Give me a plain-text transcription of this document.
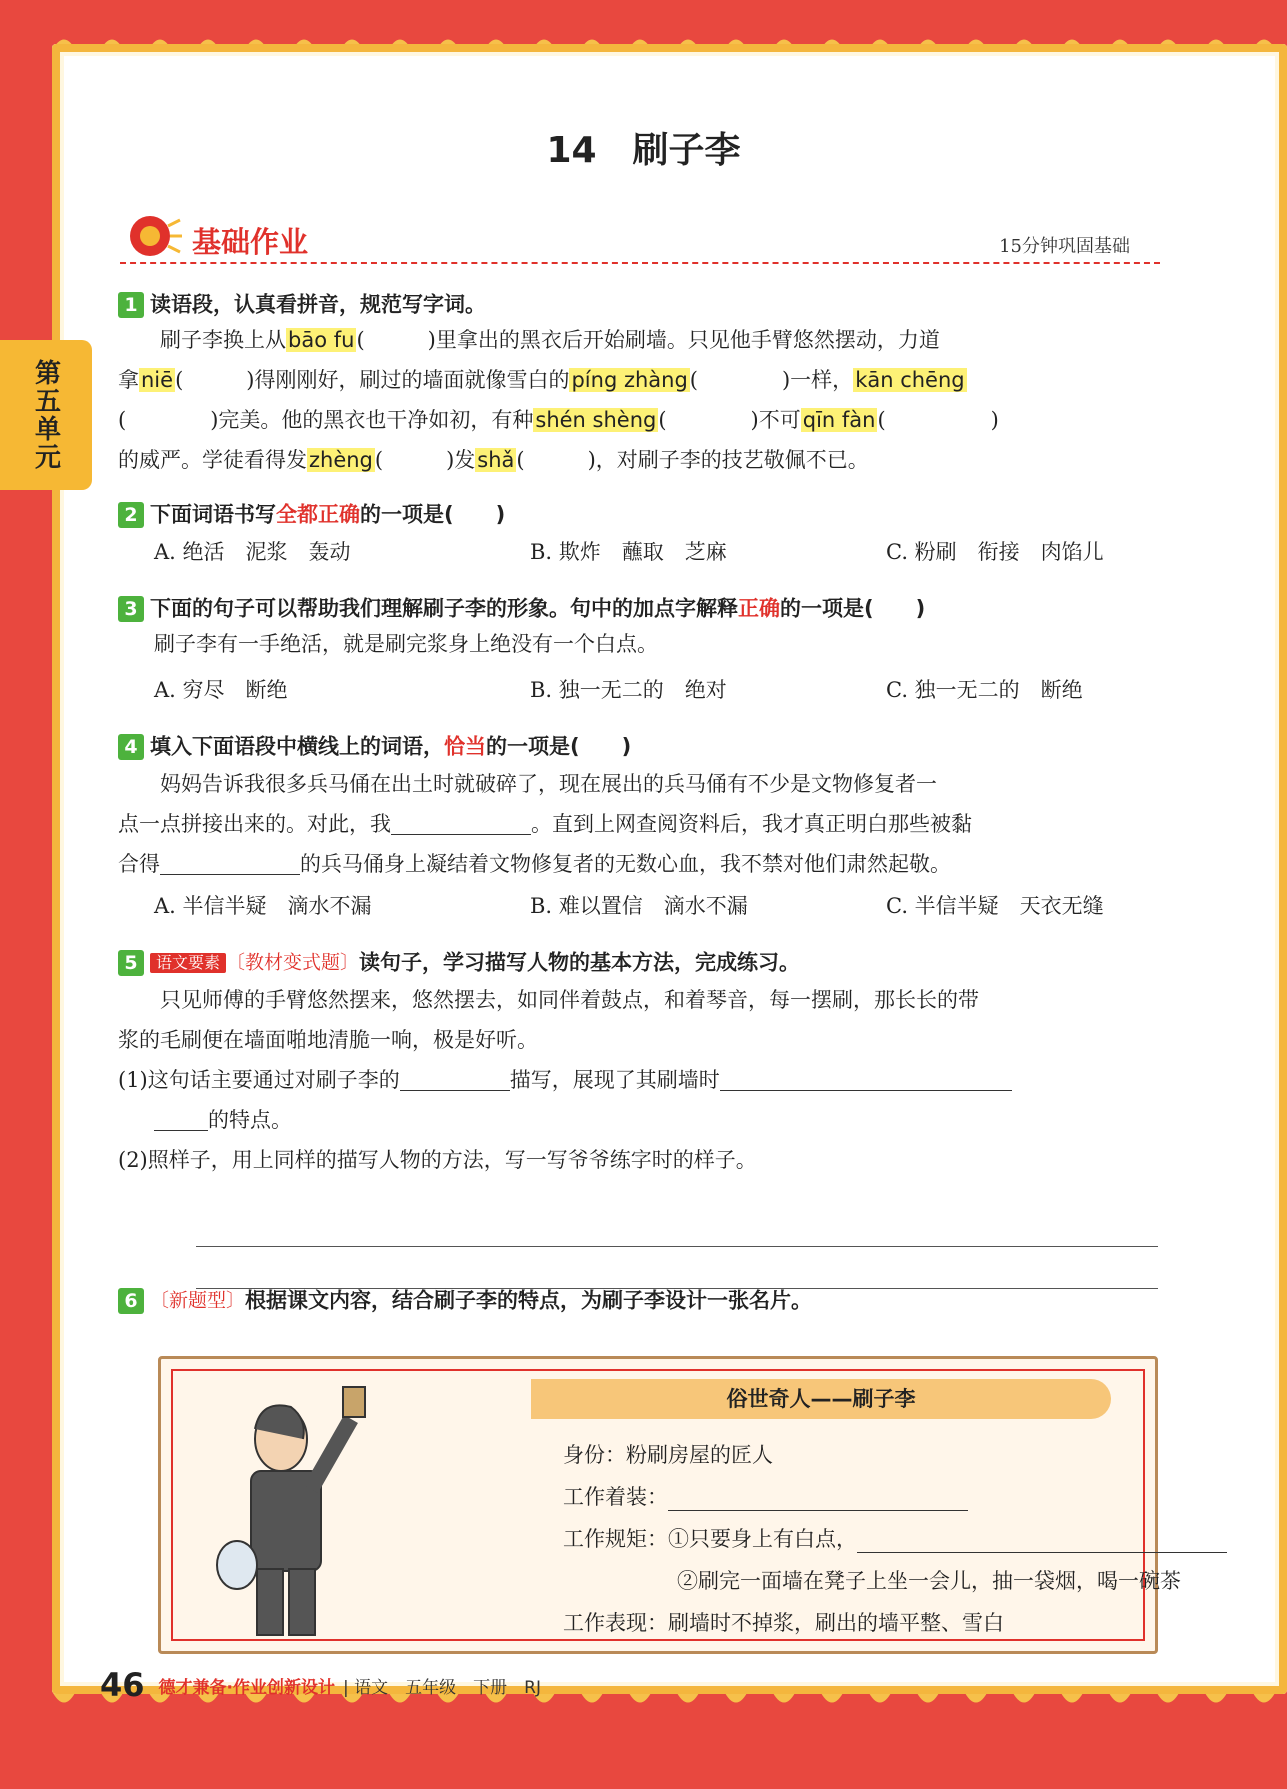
第五单元
14　刷子李
基础作业	15分钟巩固基础
1 读语段，认真看拼音，规范写字词。
刷子李换上从bāo fu(　　　)里拿出的黑衣后开始刷墙。只见他手臂悠然摆动，力道
拿niē(　　　)得刚刚好，刷过的墙面就像雪白的píng zhàng(　　　　)一样，kān chēng
(　　　　)完美。他的黑衣也干净如初，有种shén shèng(　　　　)不可qīn fàn(　　　　　)
的威严。学徒看得发zhèng(　　　)发shǎ(　　　)，对刷子李的技艺敬佩不已。
2 下面词语书写全都正确的一项是(　　)
A. 绝活　泥浆　轰动	B. 欺炸　蘸取　芝麻	C. 粉刷　衔接　肉馅儿
3 下面的句子可以帮助我们理解刷子李的形象。句中的加点字解释正确的一项是(　　)
刷子李有一手绝活，就是刷完浆身上绝没有一个白点。
A. 穷尽　断绝	B. 独一无二的　绝对	C. 独一无二的　断绝
4 填入下面语段中横线上的词语，恰当的一项是(　　)
妈妈告诉我很多兵马俑在出土时就破碎了，现在展出的兵马俑有不少是文物修复者一
点一点拼接出来的。对此，我	。直到上网查阅资料后，我才真正明白那些被黏
合得	的兵马俑身上凝结着文物修复者的无数心血，我不禁对他们肃然起敬。
A. 半信半疑　滴水不漏	B. 难以置信　滴水不漏	C. 半信半疑　天衣无缝
5 语文要素 〔教材变式题〕读句子，学习描写人物的基本方法，完成练习。
只见师傅的手臂悠然摆来，悠然摆去，如同伴着鼓点，和着琴音，每一摆刷，那长长的带
浆的毛刷便在墙面啪地清脆一响，极是好听。
(1)这句话主要通过对刷子李的	描写，展现了其刷墙时
的特点。
(2)照样子，用上同样的描写人物的方法，写一写爷爷练字时的样子。
6 〔新题型〕根据课文内容，结合刷子李的特点，为刷子李设计一张名片。
俗世奇人——刷子李
身份：粉刷房屋的匠人
工作着装：
工作规矩：①只要身上有白点，
②刷完一面墙在凳子上坐一会儿，抽一袋烟，喝一碗茶
工作表现：刷墙时不掉浆，刷出的墙平整、雪白
46 德才兼备·作业创新设计 | 语文　五年级　下册　RJ
